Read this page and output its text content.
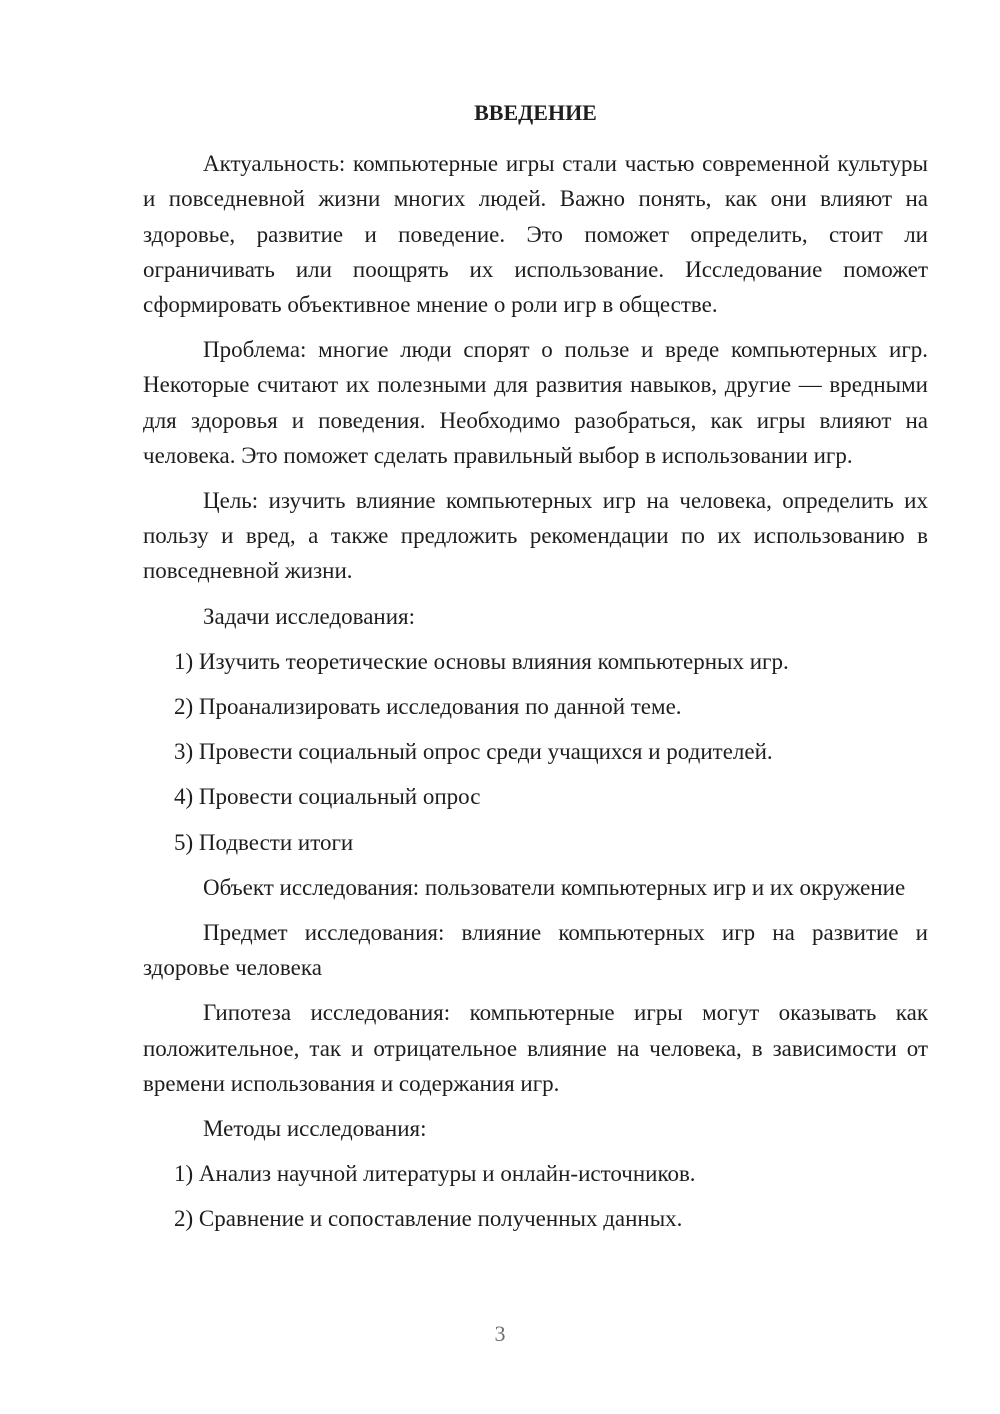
ВВЕДЕНИЕ
Актуальность: компьютерные игры стали частью современной культуры и повседневной жизни многих людей. Важно понять, как они влияют на здоровье, развитие и поведение. Это поможет определить, стоит ли ограничивать или поощрять их использование. Исследование поможет сформировать объективное мнение о роли игр в обществе.
Проблема: многие люди спорят о пользе и вреде компьютерных игр. Некоторые считают их полезными для развития навыков, другие — вредными для здоровья и поведения. Необходимо разобраться, как игры влияют на человека. Это поможет сделать правильный выбор в использовании игр.
Цель: изучить влияние компьютерных игр на человека, определить их пользу и вред, а также предложить рекомендации по их использованию в повседневной жизни.
Задачи исследования:
1) Изучить теоретические основы влияния компьютерных игр.
2) Проанализировать исследования по данной теме.
3) Провести социальный опрос среди учащихся и родителей.
4) Провести социальный опрос
5) Подвести итоги
Объект исследования: пользователи компьютерных игр и их окружение
Предмет исследования: влияние компьютерных игр на развитие и здоровье человека
Гипотеза исследования: компьютерные игры могут оказывать как положительное, так и отрицательное влияние на человека, в зависимости от времени использования и содержания игр.
Методы исследования:
1) Анализ научной литературы и онлайн-источников.
2) Сравнение и сопоставление полученных данных.
3
